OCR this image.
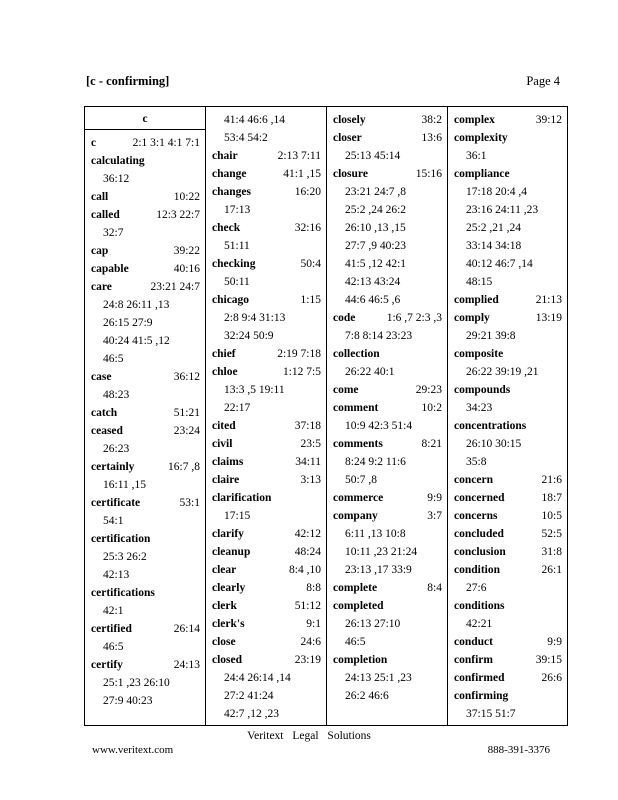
[c - confirming]	Page 4
c
c	2:1 3:1 4:1 7:1
calculating
36:12
call	10:22
called	12:3 22:7
32:7
cap	39:22
capable	40:16
care	23:21 24:7
24:8 26:11 ,13
26:15 27:9
40:24 41:5 ,12
46:5
case	36:12
48:23
catch	51:21
ceased	23:24
26:23
certainly	16:7 ,8
16:11 ,15
certificate	53:1
54:1
certification
25:3 26:2
42:13
certifications
42:1
certified	26:14
46:5
certify	24:13
25:1 ,23 26:10
27:9 40:23
41:4 46:6 ,14
53:4 54:2
chair	2:13 7:11
change	41:1 ,15
changes	16:20
17:13
check	32:16
51:11
checking	50:4
50:11
chicago	1:15
2:8 9:4 31:13
32:24 50:9
chief	2:19 7:18
chloe	1:12 7:5
13:3 ,5 19:11
22:17
cited	37:18
civil	23:5
claims	34:11
claire	3:13
clarification
17:15
clarify	42:12
cleanup	48:24
clear	8:4 ,10
clearly	8:8
clerk	51:12
clerk's	9:1
close	24:6
closed	23:19
24:4 26:14 ,14
27:2 41:24
42:7 ,12 ,23
closely	38:2
closer	13:6
25:13 45:14
closure	15:16
23:21 24:7 ,8
25:2 ,24 26:2
26:10 ,13 ,15
27:7 ,9 40:23
41:5 ,12 42:1
42:13 43:24
44:6 46:5 ,6
code	1:6 ,7 2:3 ,3
7:8 8:14 23:23
collection
26:22 40:1
come	29:23
comment	10:2
10:9 42:3 51:4
comments	8:21
8:24 9:2 11:6
50:7 ,8
commerce	9:9
company	3:7
6:11 ,13 10:8
10:11 ,23 21:24
23:13 ,17 33:9
complete	8:4
completed
26:13 27:10
46:5
completion
24:13 25:1 ,23
26:2 46:6
complex	39:12
complexity
36:1
compliance
17:18 20:4 ,4
23:16 24:11 ,23
25:2 ,21 ,24
33:14 34:18
40:12 46:7 ,14
48:15
complied	21:13
comply	13:19
29:21 39:8
composite
26:22 39:19 ,21
compounds
34:23
concentrations
26:10 30:15
35:8
concern	21:6
concerned	18:7
concerns	10:5
concluded	52:5
conclusion	31:8
condition	26:1
27:6
conditions
42:21
conduct	9:9
confirm	39:15
confirmed	26:6
confirming
37:15 51:7
Veritext Legal Solutions
www.veritext.com	888-391-3376
